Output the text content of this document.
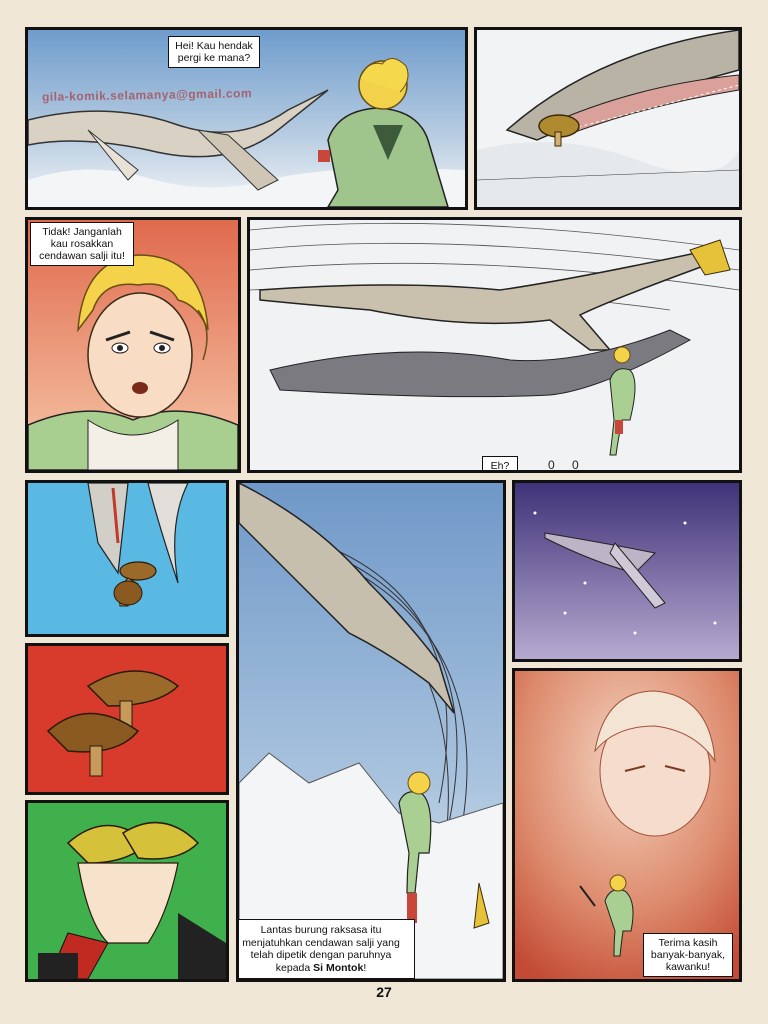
Hei! Kau hendak pergi ke mana?
gila-komik.selamanya@gmail.com
Tidak! Janganlah kau rosakkan cendawan salji itu!
Eh?	0 0
Lantas burung raksasa itu menjatuhkan cendawan salji yang telah dipetik dengan paruhnya kepada Si Montok!
Terima kasih banyak-banyak, kawanku!
27
